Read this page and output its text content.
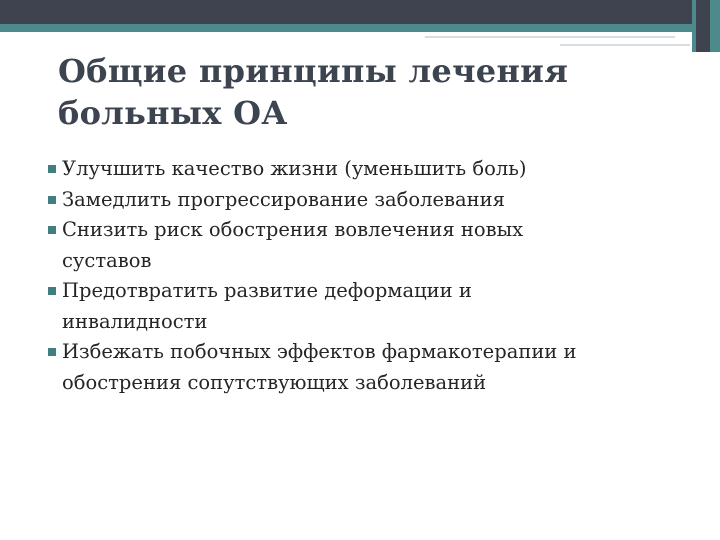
Общие принципы лечения
больных ОА
Улучшить качество жизни (уменьшить боль)
Замедлить прогрессирование заболевания
Снизить риск обострения вовлечения новых
суставов
Предотвратить развитие деформации и
инвалидности
Избежать побочных эффектов фармакотерапии и
обострения сопутствующих заболеваний
